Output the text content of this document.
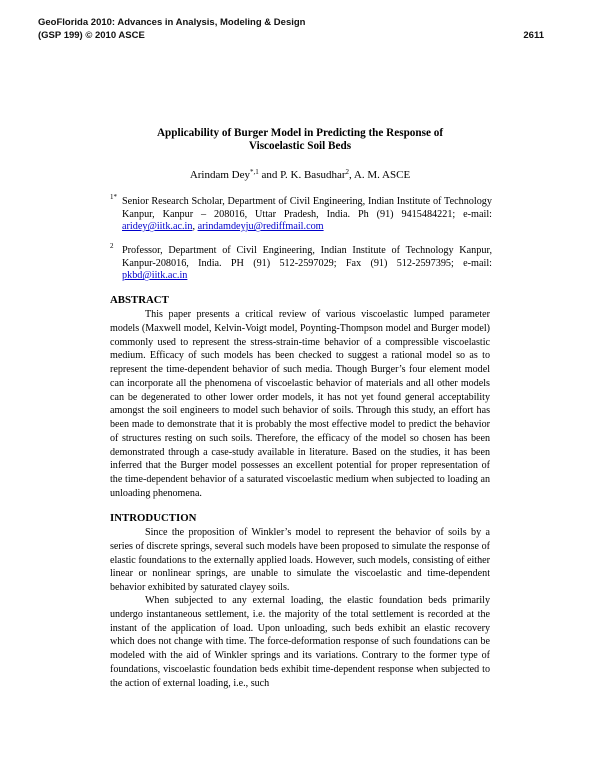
GeoFlorida 2010: Advances in Analysis, Modeling & Design
(GSP 199) © 2010 ASCE	2611
Applicability of Burger Model in Predicting the Response of
Viscoelastic Soil Beds
Arindam Dey$^{*,1}$ and P. K. Basudhar$^2$, A. M. ASCE
1* Senior Research Scholar, Department of Civil Engineering, Indian Institute of Technology Kanpur, Kanpur – 208016, Uttar Pradesh, India. Ph (91) 9415484221; e-mail: aridey@iitk.ac.in, arindamdeyju@rediffmail.com
2 Professor, Department of Civil Engineering, Indian Institute of Technology Kanpur, Kanpur-208016, India. PH (91) 512-2597029; Fax (91) 512-2597395; e-mail: pkbd@iitk.ac.in
ABSTRACT

This paper presents a critical review of various viscoelastic lumped parameter models (Maxwell model, Kelvin-Voigt model, Poynting-Thompson model and Burger model) commonly used to represent the stress-strain-time behavior of a compressible viscoelastic medium. Efficacy of such models has been checked to suggest a rational model so as to represent the time-dependent behavior of such media. Though Burger’s four element model can incorporate all the phenomena of viscoelastic behavior of materials and all other models can be degenerated to other lower order models, it has not yet found general acceptability amongst the soil engineers to model such behavior of soils. Through this study, an effort has been made to demonstrate that it is probably the most effective model to predict the behavior of structures resting on such soils. Therefore, the efficacy of the model so chosen has been demonstrated through a case-study available in literature. Based on the studies, it has been inferred that the Burger model possesses an excellent potential for proper representation of the time-dependent behavior of a saturated viscoelastic medium when subjected to loading an unloading phenomena.

INTRODUCTION

Since the proposition of Winkler’s model to represent the behavior of soils by a series of discrete springs, several such models have been proposed to simulate the response of elastic foundations to the externally applied loads. However, such models, consisting of either linear or nonlinear springs, are unable to simulate the viscoelastic and time-dependent behavior exhibited by saturated clayey soils.

When subjected to any external loading, the elastic foundation beds primarily undergo instantaneous settlement, i.e. the majority of the total settlement is recorded at the instant of the application of load. Upon unloading, such beds exhibit an elastic recovery which does not change with time. The force-deformation response of such foundations can be modeled with the aid of Winkler springs and its variations. Contrary to the former type of foundations, viscoelastic foundation beds exhibit time-dependent response when subjected to the action of external loading, i.e., such
